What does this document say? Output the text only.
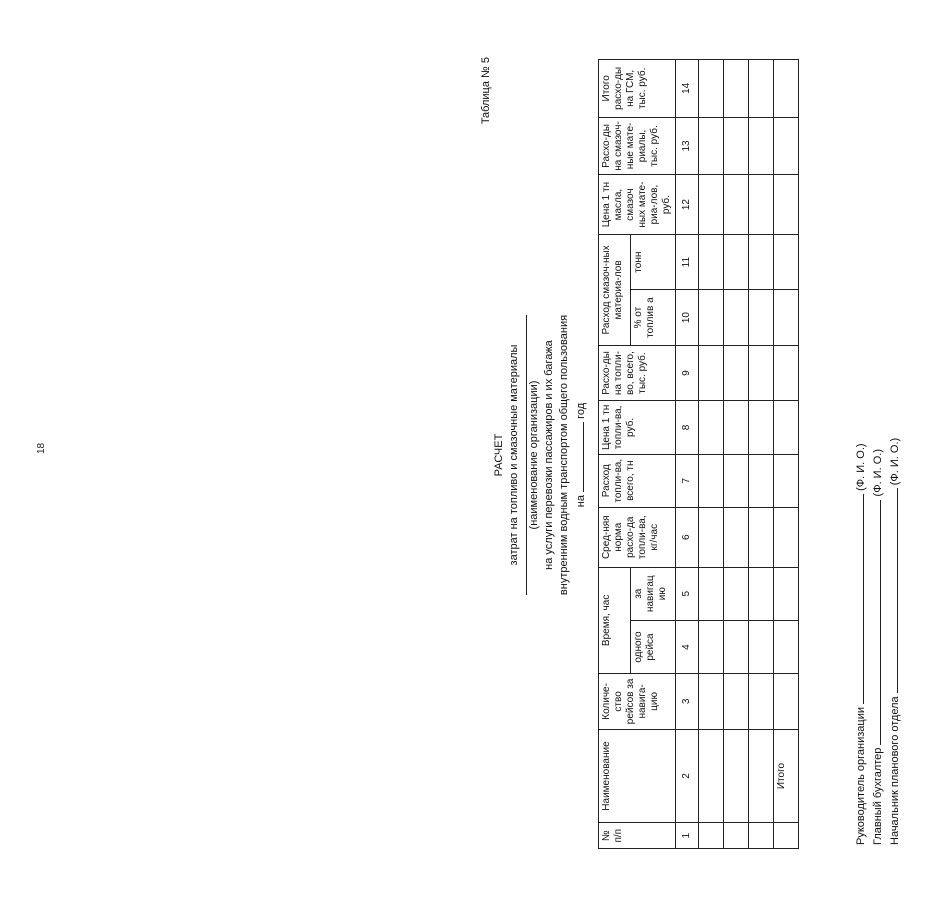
18
Таблица № 5
РАСЧЕТ затрат на топливо и смазочные материалы (наименование организации) на услуги перевозки пассажиров и их багажа внутренним водным транспортом общего пользования на  год
№ п/п	Наименование	Количе-ство рейсов за навига-цию	Время, час		Сред-няя норма расхо-да топли-ва, кг/час	Расход топли-ва, всего, тн	Цена 1 тн топли-ва, руб.	Расхо-ды на топли-во, всего, тыс. руб.	Расход смазоч-ных материа-лов		Цена 1 тн масла, смазоч ных мате-риа-лов, руб.	Расхо-ды на смазоч-ные мате-риалы, тыс. руб.	Итого расхо-ды на ГСМ, тыс. руб.
			одного рейса	за навигац ию					% от топлив а	тонн			
1	2	3	4	5	6	7	8	9	10	11	12	13	14

	Итого													Руководитель организации  (Ф. И. О.)
Главный бухгалтер  (Ф. И. О.)
Начальник планового отдела  (Ф. И. О.)
